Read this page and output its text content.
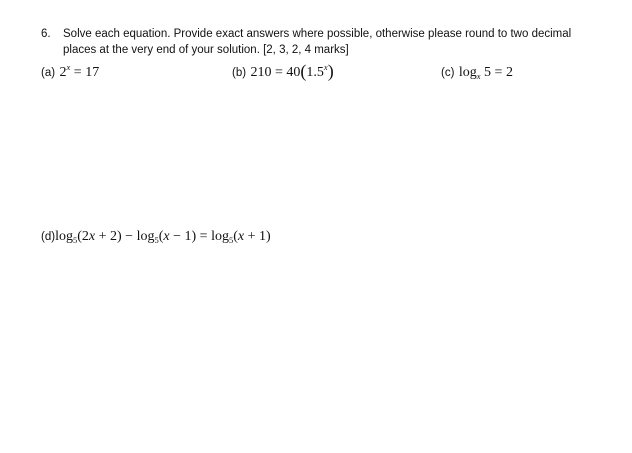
6. Solve each equation. Provide exact answers where possible, otherwise please round to two decimal
places at the very end of your solution. [2, 3, 2, 4 marks]
(a) $2^x = 17$	(b) $210 = 40(1.5^x)$	(c) $\log_x 5 = 2$
$(d)\log_5(2x + 2) - \log_5(x - 1) = \log_5(x + 1)$
